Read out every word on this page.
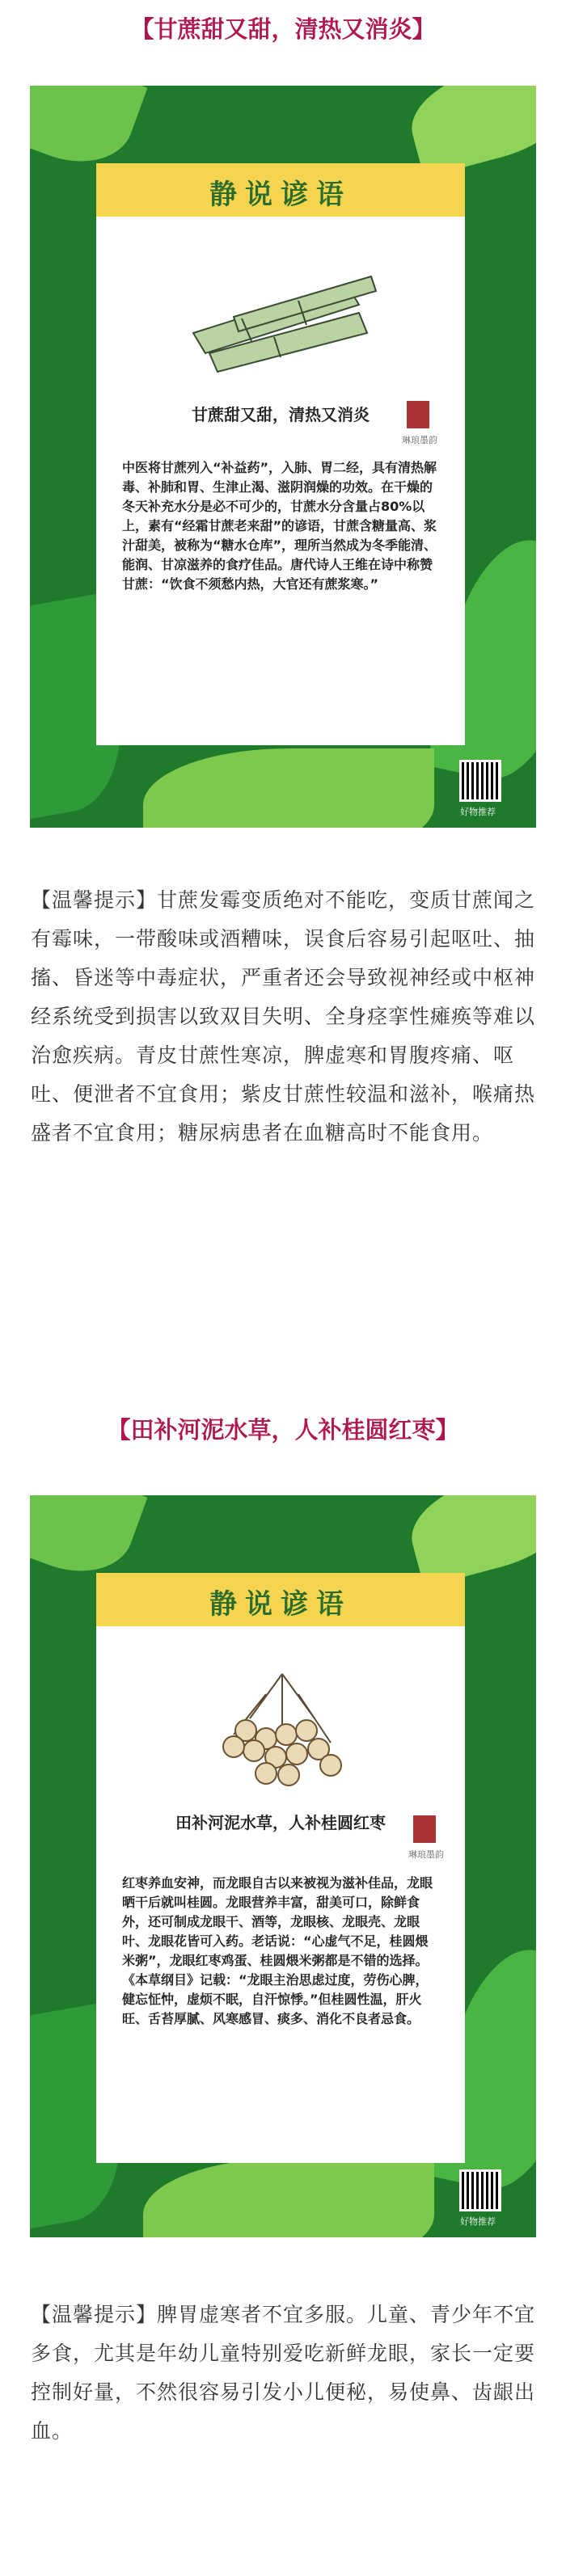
【甘蔗甜又甜，清热又消炎】
静说谚语
甘蔗甜又甜，清热又消炎
琳琅墨韵
中医将甘蔗列入“补益药”，入肺、胃二经，具有清热解毒、补肺和胃、生津止渴、滋阴润燥的功效。在干燥的冬天补充水分是必不可少的，甘蔗水分含量占80%以上，素有“经霜甘蔗老来甜”的谚语，甘蔗含糖量高、浆汁甜美，被称为“糖水仓库”，理所当然成为冬季能清、能润、甘凉滋养的食疗佳品。唐代诗人王维在诗中称赞甘蔗：“饮食不须愁内热，大官还有蔗浆寒。”
好物推荐
【温馨提示】甘蔗发霉变质绝对不能吃，变质甘蔗闻之有霉味，一带酸味或酒糟味，误食后容易引起呕吐、抽搐、昏迷等中毒症状，严重者还会导致视神经或中枢神经系统受到损害以致双目失明、全身痉挛性瘫痪等难以治愈疾病。青皮甘蔗性寒凉，脾虚寒和胃腹疼痛、呕吐、便泄者不宜食用；紫皮甘蔗性较温和滋补，喉痛热盛者不宜食用；糖尿病患者在血糖高时不能食用。
【田补河泥水草，人补桂圆红枣】
静说谚语
田补河泥水草，人补桂圆红枣
琳琅墨韵
红枣养血安神，而龙眼自古以来被视为滋补佳品，龙眼晒干后就叫桂圆。龙眼营养丰富，甜美可口，除鲜食外，还可制成龙眼干、酒等，龙眼核、龙眼壳、龙眼叶、龙眼花皆可入药。老话说：“心虚气不足，桂圆煨米粥”，龙眼红枣鸡蛋、桂圆煨米粥都是不错的选择。《本草纲目》记载：“龙眼主治思虑过度，劳伤心脾，健忘怔忡，虚烦不眠，自汗惊悸。”但桂圆性温，肝火旺、舌苔厚腻、风寒感冒、痰多、消化不良者忌食。
好物推荐
【温馨提示】脾胃虚寒者不宜多服。儿童、青少年不宜多食，尤其是年幼儿童特别爱吃新鲜龙眼，家长一定要控制好量，不然很容易引发小儿便秘，易使鼻、齿龈出血。
